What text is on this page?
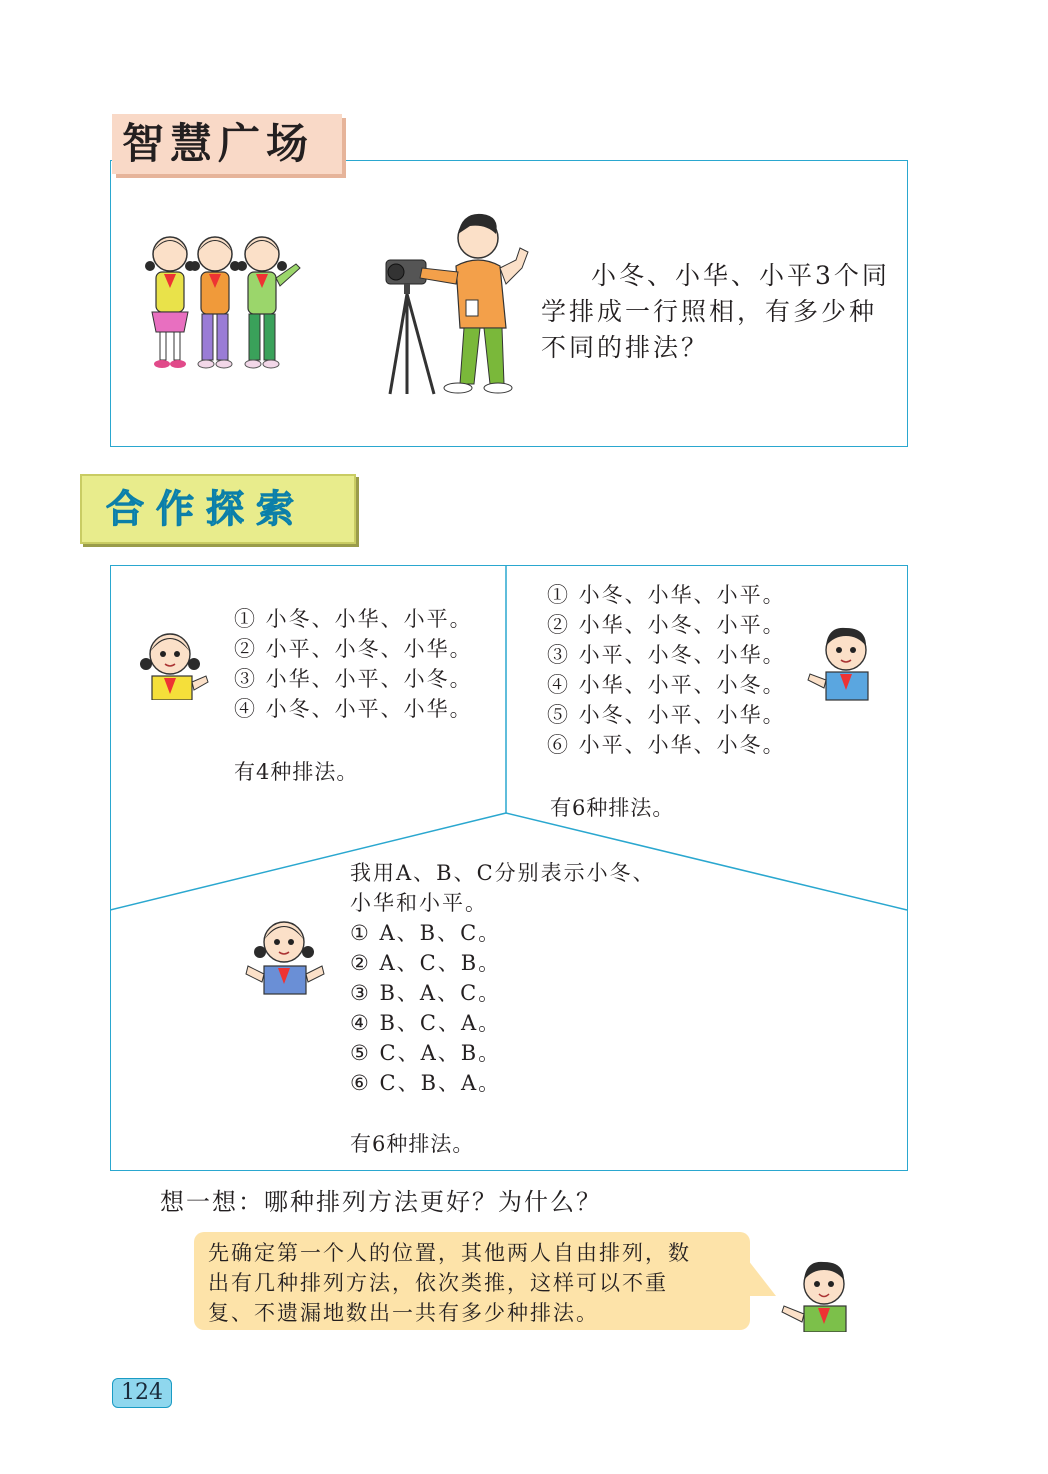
智慧广场
小冬、小华、小平3个同学排成一行照相，有多少种不同的排法？
合作探索
① 小冬、小华、小平。
② 小平、小冬、小华。
③ 小华、小平、小冬。
④ 小冬、小平、小华。
有4种排法。
① 小冬、小华、小平。
② 小华、小冬、小平。
③ 小平、小冬、小华。
④ 小华、小平、小冬。
⑤ 小冬、小平、小华。
⑥ 小平、小华、小冬。
有6种排法。
我用A、B、C分别表示小冬、
小华和小平。
① A、B、C。
② A、C、B。
③ B、A、C。
④ B、C、A。
⑤ C、A、B。
⑥ C、B、A。
有6种排法。
想一想：哪种排列方法更好？为什么？
先确定第一个人的位置，其他两人自由排列，数
出有几种排列方法，依次类推，这样可以不重
复、不遗漏地数出一共有多少种排法。
124
